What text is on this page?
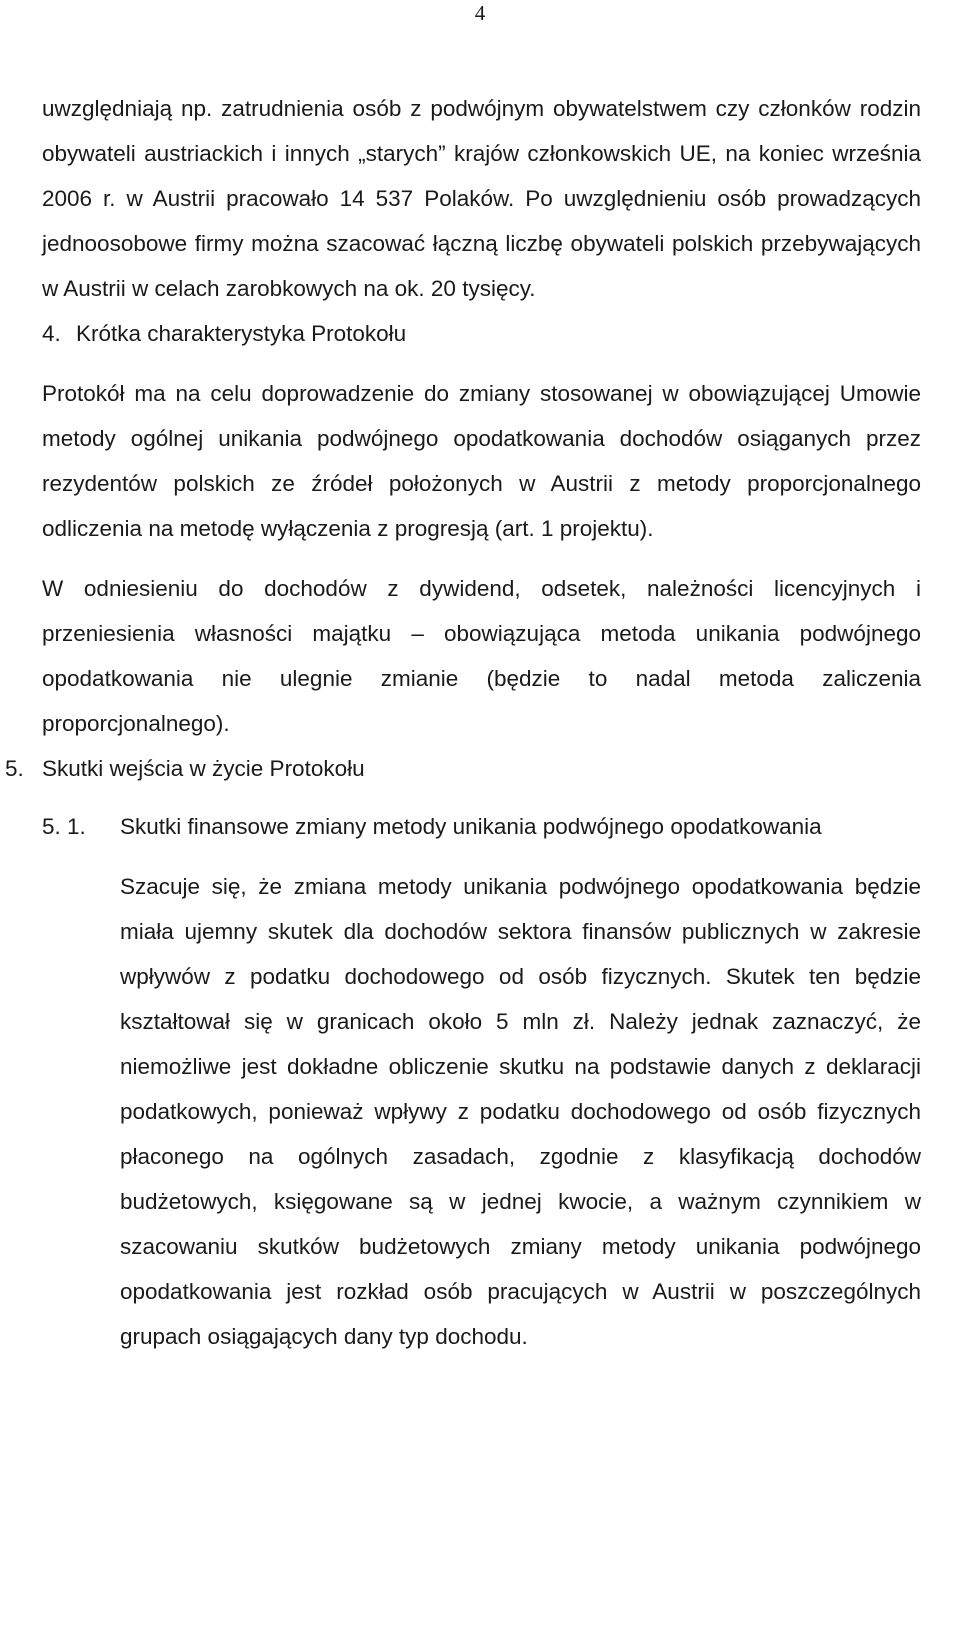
4

uwzględniają np. zatrudnienia osób z podwójnym obywatelstwem czy członków rodzin obywateli austriackich i innych „starych” krajów członkowskich UE, na koniec września 2006 r. w Austrii pracowało 14 537 Polaków. Po uwzględnieniu osób prowadzących jednoosobowe firmy można szacować łączną liczbę obywateli polskich przebywających w Austrii w celach zarobkowych na ok. 20 tysięcy.

4. Krótka charakterystyka Protokołu

Protokół ma na celu doprowadzenie do zmiany stosowanej w obowiązującej Umowie metody ogólnej unikania podwójnego opodatkowania dochodów osiąganych przez rezydentów polskich ze źródeł położonych w Austrii z metody proporcjonalnego odliczenia na metodę wyłączenia z progresją (art. 1 projektu).

W odniesieniu do dochodów z dywidend, odsetek, należności licencyjnych i przeniesienia własności majątku – obowiązująca metoda unikania podwójnego opodatkowania nie ulegnie zmianie (będzie to nadal metoda zaliczenia proporcjonalnego).

5. Skutki wejścia w życie Protokołu
5. 1.	Skutki finansowe zmiany metody unikania podwójnego opodatkowania

Szacuje się, że zmiana metody unikania podwójnego opodatkowania będzie miała ujemny skutek dla dochodów sektora finansów publicznych w zakresie wpływów z podatku dochodowego od osób fizycznych. Skutek ten będzie kształtował się w granicach około 5 mln zł. Należy jednak zaznaczyć, że niemożliwe jest dokładne obliczenie skutku na podstawie danych z deklaracji podatkowych, ponieważ wpływy z podatku dochodowego od osób fizycznych płaconego na ogólnych zasadach, zgodnie z klasyfikacją dochodów budżetowych, księgowane są w jednej kwocie, a ważnym czynnikiem w szacowaniu skutków budżetowych zmiany metody unikania podwójnego opodatkowania jest rozkład osób pracujących w Austrii w poszczególnych grupach osiągających dany typ dochodu.
